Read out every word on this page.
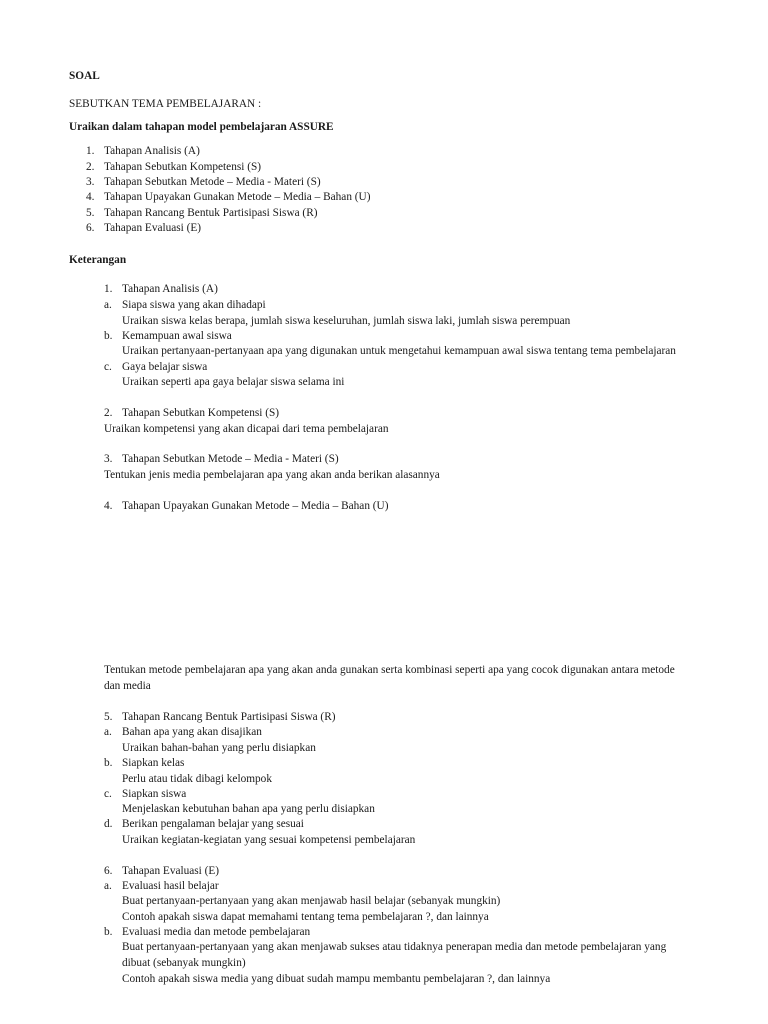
SOAL
SEBUTKAN TEMA PEMBELAJARAN :
Uraikan dalam tahapan model pembelajaran ASSURE
1. Tahapan Analisis (A)
2. Tahapan Sebutkan Kompetensi (S)
3. Tahapan Sebutkan Metode – Media - Materi (S)
4. Tahapan Upayakan Gunakan Metode – Media – Bahan (U)
5. Tahapan Rancang Bentuk Partisipasi Siswa (R)
6. Tahapan Evaluasi (E)
Keterangan
1. Tahapan Analisis (A)
a. Siapa siswa yang akan dihadapi
Uraikan siswa kelas berapa, jumlah siswa keseluruhan, jumlah siswa laki, jumlah siswa perempuan
b. Kemampuan awal siswa
Uraikan pertanyaan-pertanyaan apa yang digunakan untuk mengetahui kemampuan awal siswa tentang tema pembelajaran
c. Gaya belajar siswa
Uraikan seperti apa gaya belajar siswa selama ini
2. Tahapan Sebutkan Kompetensi (S)
Uraikan kompetensi yang akan dicapai dari tema pembelajaran
3. Tahapan Sebutkan Metode – Media - Materi (S)
Tentukan jenis media pembelajaran apa yang akan anda berikan alasannya
4. Tahapan Upayakan Gunakan Metode – Media – Bahan (U)
Tentukan metode pembelajaran apa yang akan anda gunakan serta kombinasi seperti apa yang cocok digunakan antara metode
dan media
5. Tahapan Rancang Bentuk Partisipasi Siswa (R)
a. Bahan apa yang akan disajikan
Uraikan bahan-bahan yang perlu disiapkan
b. Siapkan kelas
Perlu atau tidak dibagi kelompok
c. Siapkan siswa
Menjelaskan kebutuhan bahan apa yang perlu disiapkan
d. Berikan pengalaman belajar yang sesuai
Uraikan kegiatan-kegiatan yang sesuai kompetensi pembelajaran
6. Tahapan Evaluasi (E)
a. Evaluasi hasil belajar
Buat pertanyaan-pertanyaan yang akan menjawab hasil belajar (sebanyak mungkin)
Contoh apakah siswa dapat memahami tentang tema pembelajaran ?, dan lainnya
b. Evaluasi media dan metode pembelajaran
Buat pertanyaan-pertanyaan yang akan menjawab sukses atau tidaknya penerapan media dan metode pembelajaran yang
dibuat (sebanyak mungkin)
Contoh apakah siswa media yang dibuat sudah mampu membantu pembelajaran ?, dan lainnya
